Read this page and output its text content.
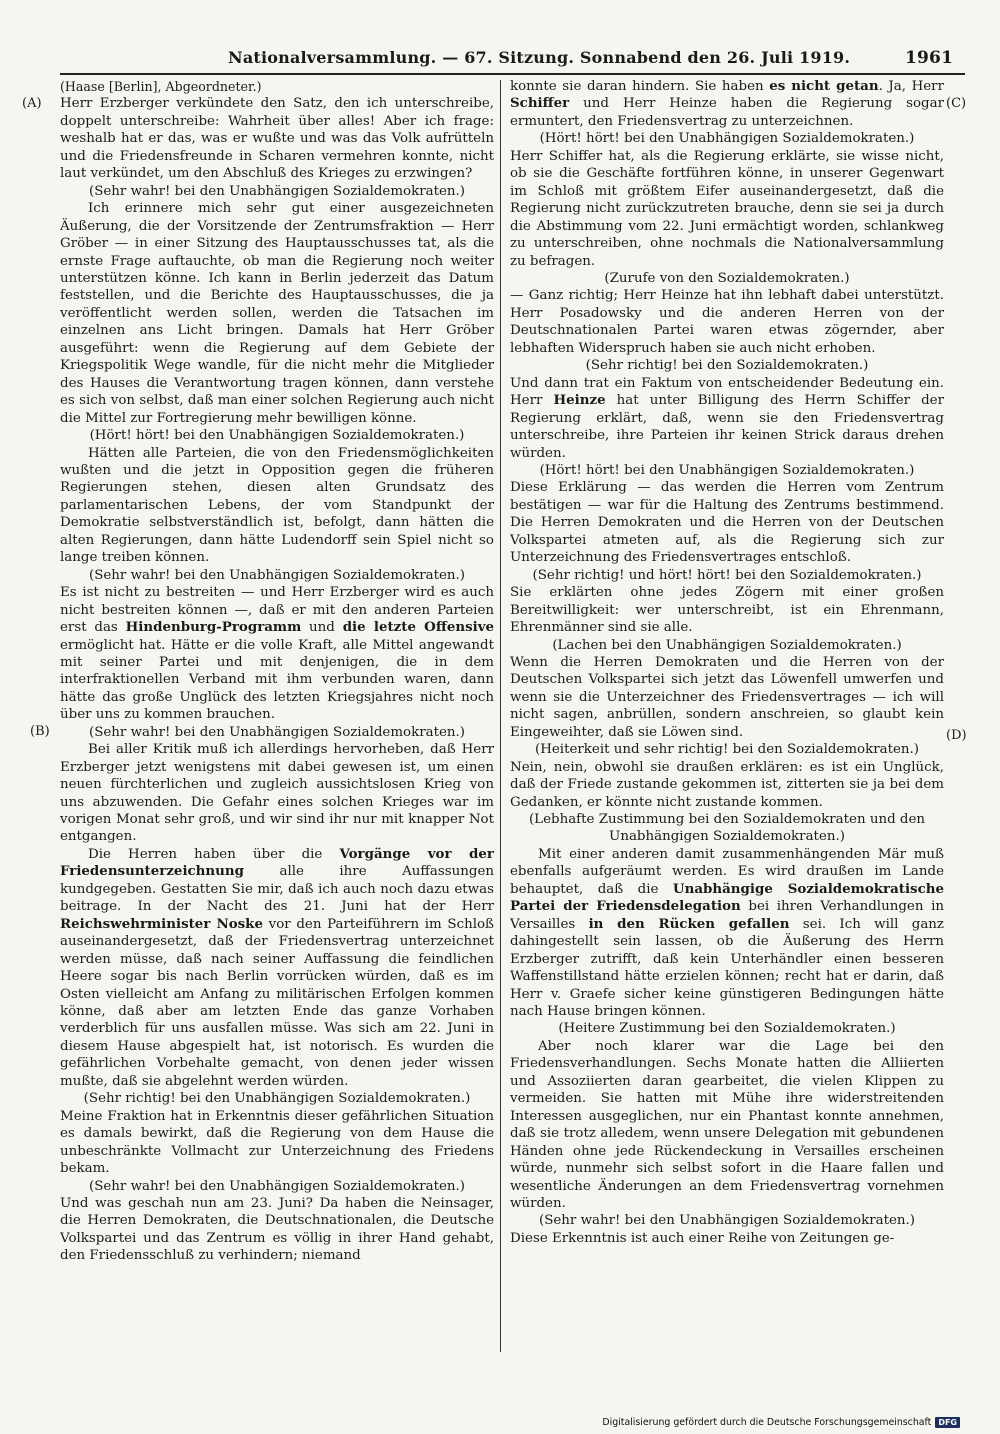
Nationalversammlung. — 67. Sitzung. Sonnabend den 26. Juli 1919.	1961
(A)
(B)
(C)
(D)

(Haase [Berlin], Abgeordneter.)

Herr Erzberger verkündete den Satz, den ich unterschreibe, doppelt unterschreibe: Wahrheit über alles! Aber ich frage: weshalb hat er das, was er wußte und was das Volk aufrütteln und die Friedensfreunde in Scharen vermehren konnte, nicht laut verkündet, um den Abschluß des Krieges zu erzwingen?

(Sehr wahr! bei den Unabhängigen Sozialdemokraten.)

Ich erinnere mich sehr gut einer ausgezeichneten Äußerung, die der Vorsitzende der Zentrumsfraktion — Herr Gröber — in einer Sitzung des Hauptausschusses tat, als die ernste Frage auftauchte, ob man die Regierung noch weiter unterstützen könne. Ich kann in Berlin jederzeit das Datum feststellen, und die Berichte des Hauptausschusses, die ja veröffentlicht werden sollen, werden die Tatsachen im einzelnen ans Licht bringen. Damals hat Herr Gröber ausgeführt: wenn die Regierung auf dem Gebiete der Kriegspolitik Wege wandle, für die nicht mehr die Mitglieder des Hauses die Verantwortung tragen können, dann verstehe es sich von selbst, daß man einer solchen Regierung auch nicht die Mittel zur Fortregierung mehr bewilligen könne.

(Hört! hört! bei den Unabhängigen Sozialdemokraten.)

Hätten alle Parteien, die von den Friedensmöglichkeiten wußten und die jetzt in Opposition gegen die früheren Regierungen stehen, diesen alten Grundsatz des parlamentarischen Lebens, der vom Standpunkt der Demokratie selbstverständlich ist, befolgt, dann hätten die alten Regierungen, dann hätte Ludendorff sein Spiel nicht so lange treiben können.

(Sehr wahr! bei den Unabhängigen Sozialdemokraten.)

Es ist nicht zu bestreiten — und Herr Erzberger wird es auch nicht bestreiten können —, daß er mit den anderen Parteien erst das Hindenburg-Programm und die letzte Offensive ermöglicht hat. Hätte er die volle Kraft, alle Mittel angewandt mit seiner Partei und mit denjenigen, die in dem interfraktionellen Verband mit ihm verbunden waren, dann hätte das große Unglück des letzten Kriegsjahres nicht noch über uns zu kommen brauchen.

(Sehr wahr! bei den Unabhängigen Sozialdemokraten.)

Bei aller Kritik muß ich allerdings hervorheben, daß Herr Erzberger jetzt wenigstens mit dabei gewesen ist, um einen neuen fürchterlichen und zugleich aussichtslosen Krieg von uns abzuwenden. Die Gefahr eines solchen Krieges war im vorigen Monat sehr groß, und wir sind ihr nur mit knapper Not entgangen.

Die Herren haben über die Vorgänge vor der Friedensunterzeichnung alle ihre Auffassungen kundgegeben. Gestatten Sie mir, daß ich auch noch dazu etwas beitrage. In der Nacht des 21. Juni hat der Herr Reichswehrminister Noske vor den Parteiführern im Schloß auseinandergesetzt, daß der Friedensvertrag unterzeichnet werden müsse, daß nach seiner Auffassung die feindlichen Heere sogar bis nach Berlin vorrücken würden, daß es im Osten vielleicht am Anfang zu militärischen Erfolgen kommen könne, daß aber am letzten Ende das ganze Vorhaben verderblich für uns ausfallen müsse. Was sich am 22. Juni in diesem Hause abgespielt hat, ist notorisch. Es wurden die gefährlichen Vorbehalte gemacht, von denen jeder wissen mußte, daß sie abgelehnt werden würden.

(Sehr richtig! bei den Unabhängigen Sozialdemokraten.)

Meine Fraktion hat in Erkenntnis dieser gefährlichen Situation es damals bewirkt, daß die Regierung von dem Hause die unbeschränkte Vollmacht zur Unterzeichnung des Friedens bekam.

(Sehr wahr! bei den Unabhängigen Sozialdemokraten.)

Und was geschah nun am 23. Juni? Da haben die Neinsager, die Herren Demokraten, die Deutschnationalen, die Deutsche Volkspartei und das Zentrum es völlig in ihrer Hand gehabt, den Friedensschluß zu verhindern; niemand

konnte sie daran hindern. Sie haben es nicht getan. Ja, Herr Schiffer und Herr Heinze haben die Regierung sogar ermuntert, den Friedensvertrag zu unterzeichnen.

(Hört! hört! bei den Unabhängigen Sozialdemokraten.)

Herr Schiffer hat, als die Regierung erklärte, sie wisse nicht, ob sie die Geschäfte fortführen könne, in unserer Gegenwart im Schloß mit größtem Eifer auseinandergesetzt, daß die Regierung nicht zurückzutreten brauche, denn sie sei ja durch die Abstimmung vom 22. Juni ermächtigt worden, schlankweg zu unterschreiben, ohne nochmals die Nationalversammlung zu befragen.

(Zurufe von den Sozialdemokraten.)

— Ganz richtig; Herr Heinze hat ihn lebhaft dabei unterstützt. Herr Posadowsky und die anderen Herren von der Deutschnationalen Partei waren etwas zögernder, aber lebhaften Widerspruch haben sie auch nicht erhoben.

(Sehr richtig! bei den Sozialdemokraten.)

Und dann trat ein Faktum von entscheidender Bedeutung ein. Herr Heinze hat unter Billigung des Herrn Schiffer der Regierung erklärt, daß, wenn sie den Friedensvertrag unterschreibe, ihre Parteien ihr keinen Strick daraus drehen würden.

(Hört! hört! bei den Unabhängigen Sozialdemokraten.)

Diese Erklärung — das werden die Herren vom Zentrum bestätigen — war für die Haltung des Zentrums bestimmend. Die Herren Demokraten und die Herren von der Deutschen Volkspartei atmeten auf, als die Regierung sich zur Unterzeichnung des Friedensvertrages entschloß.

(Sehr richtig! und hört! hört! bei den Sozialdemokraten.)

Sie erklärten ohne jedes Zögern mit einer großen Bereitwilligkeit: wer unterschreibt, ist ein Ehrenmann, Ehrenmänner sind sie alle.

(Lachen bei den Unabhängigen Sozialdemokraten.)

Wenn die Herren Demokraten und die Herren von der Deutschen Volkspartei sich jetzt das Löwenfell umwerfen und wenn sie die Unterzeichner des Friedensvertrages — ich will nicht sagen, anbrüllen, sondern anschreien, so glaubt kein Eingeweihter, daß sie Löwen sind.

(Heiterkeit und sehr richtig! bei den Sozialdemokraten.)

Nein, nein, obwohl sie draußen erklären: es ist ein Unglück, daß der Friede zustande gekommen ist, zitterten sie ja bei dem Gedanken, er könnte nicht zustande kommen.

(Lebhafte Zustimmung bei den Sozialdemokraten und den Unabhängigen Sozialdemokraten.)

Mit einer anderen damit zusammenhängenden Mär muß ebenfalls aufgeräumt werden. Es wird draußen im Lande behauptet, daß die Unabhängige Sozialdemokratische Partei der Friedensdelegation bei ihren Verhandlungen in Versailles in den Rücken gefallen sei. Ich will ganz dahingestellt sein lassen, ob die Äußerung des Herrn Erzberger zutrifft, daß kein Unterhändler einen besseren Waffenstillstand hätte erzielen können; recht hat er darin, daß Herr v. Graefe sicher keine günstigeren Bedingungen hätte nach Hause bringen können.

(Heitere Zustimmung bei den Sozialdemokraten.)

Aber noch klarer war die Lage bei den Friedensverhandlungen. Sechs Monate hatten die Alliierten und Assoziierten daran gearbeitet, die vielen Klippen zu vermeiden. Sie hatten mit Mühe ihre widerstreitenden Interessen ausgeglichen, nur ein Phantast konnte annehmen, daß sie trotz alledem, wenn unsere Delegation mit gebundenen Händen ohne jede Rückendeckung in Versailles erscheinen würde, nunmehr sich selbst sofort in die Haare fallen und wesentliche Änderungen an dem Friedensvertrag vornehmen würden.

(Sehr wahr! bei den Unabhängigen Sozialdemokraten.)

Diese Erkenntnis ist auch einer Reihe von Zeitungen ge-

Digitalisierung gefördert durch die Deutsche Forschungsgemeinschaft DFG
